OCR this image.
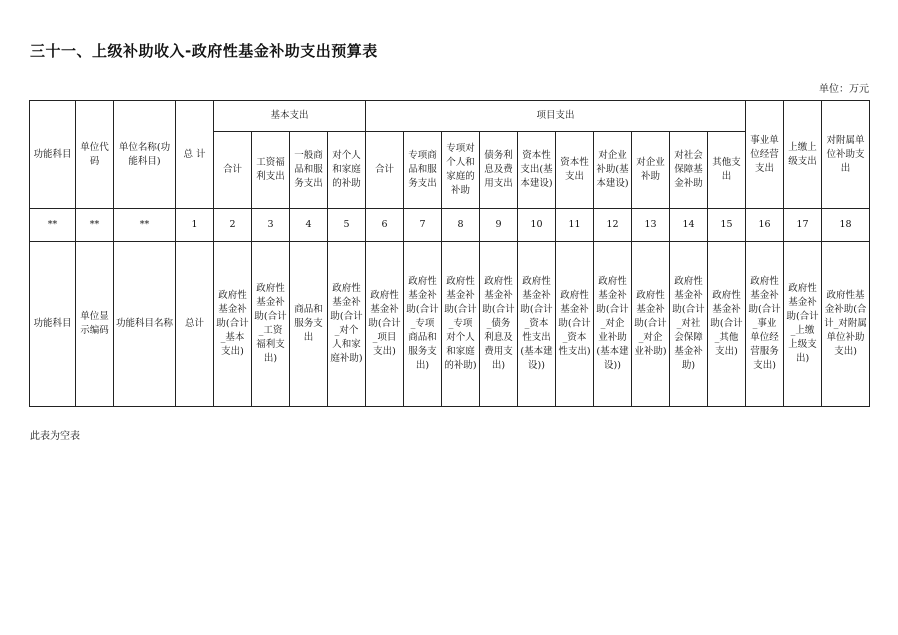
三十一、上级补助收入-政府性基金补助支出预算表
单位：万元
功能科目	单位代码	单位名称(功能科目)	总 计	基本支出				项目支出										事业单位经营支出	上缴上级支出	对附属单位补助支出
				合计	工资福利支出	一般商品和服务支出	对个人和家庭的补助	合计	专项商品和服务支出	专项对个人和家庭的补助	债务利息及费用支出	资本性支出(基本建设)	资本性支出	对企业补助(基本建设)	对企业补助	对社会保障基金补助	其他支出			
**	**	**	1	2	3	4	5	6	7	8	9	10	11	12	13	14	15	16	17	18
功能科目	单位显示编码	功能科目名称	总计	政府性基金补助(合计_基本支出)	政府性基金补助(合计_工资福利支出)	商品和服务支出	政府性基金补助(合计_对个人和家庭补助)	政府性基金补助(合计_项目支出)	政府性基金补助(合计_专项商品和服务支出)	政府性基金补助(合计_专项对个人和家庭的补助)	政府性基金补助(合计_债务利息及费用支出)	政府性基金补助(合计_资本性支出(基本建设))	政府性基金补助(合计_资本性支出)	政府性基金补助(合计_对企业补助(基本建设))	政府性基金补助(合计_对企业补助)	政府性基金补助(合计_对社会保障基金补助)	政府性基金补助(合计_其他支出)	政府性基金补助(合计_事业单位经营服务支出)	政府性基金补助(合计_上缴上级支出)	政府性基金补助(合计_对附属单位补助支出)
此表为空表
